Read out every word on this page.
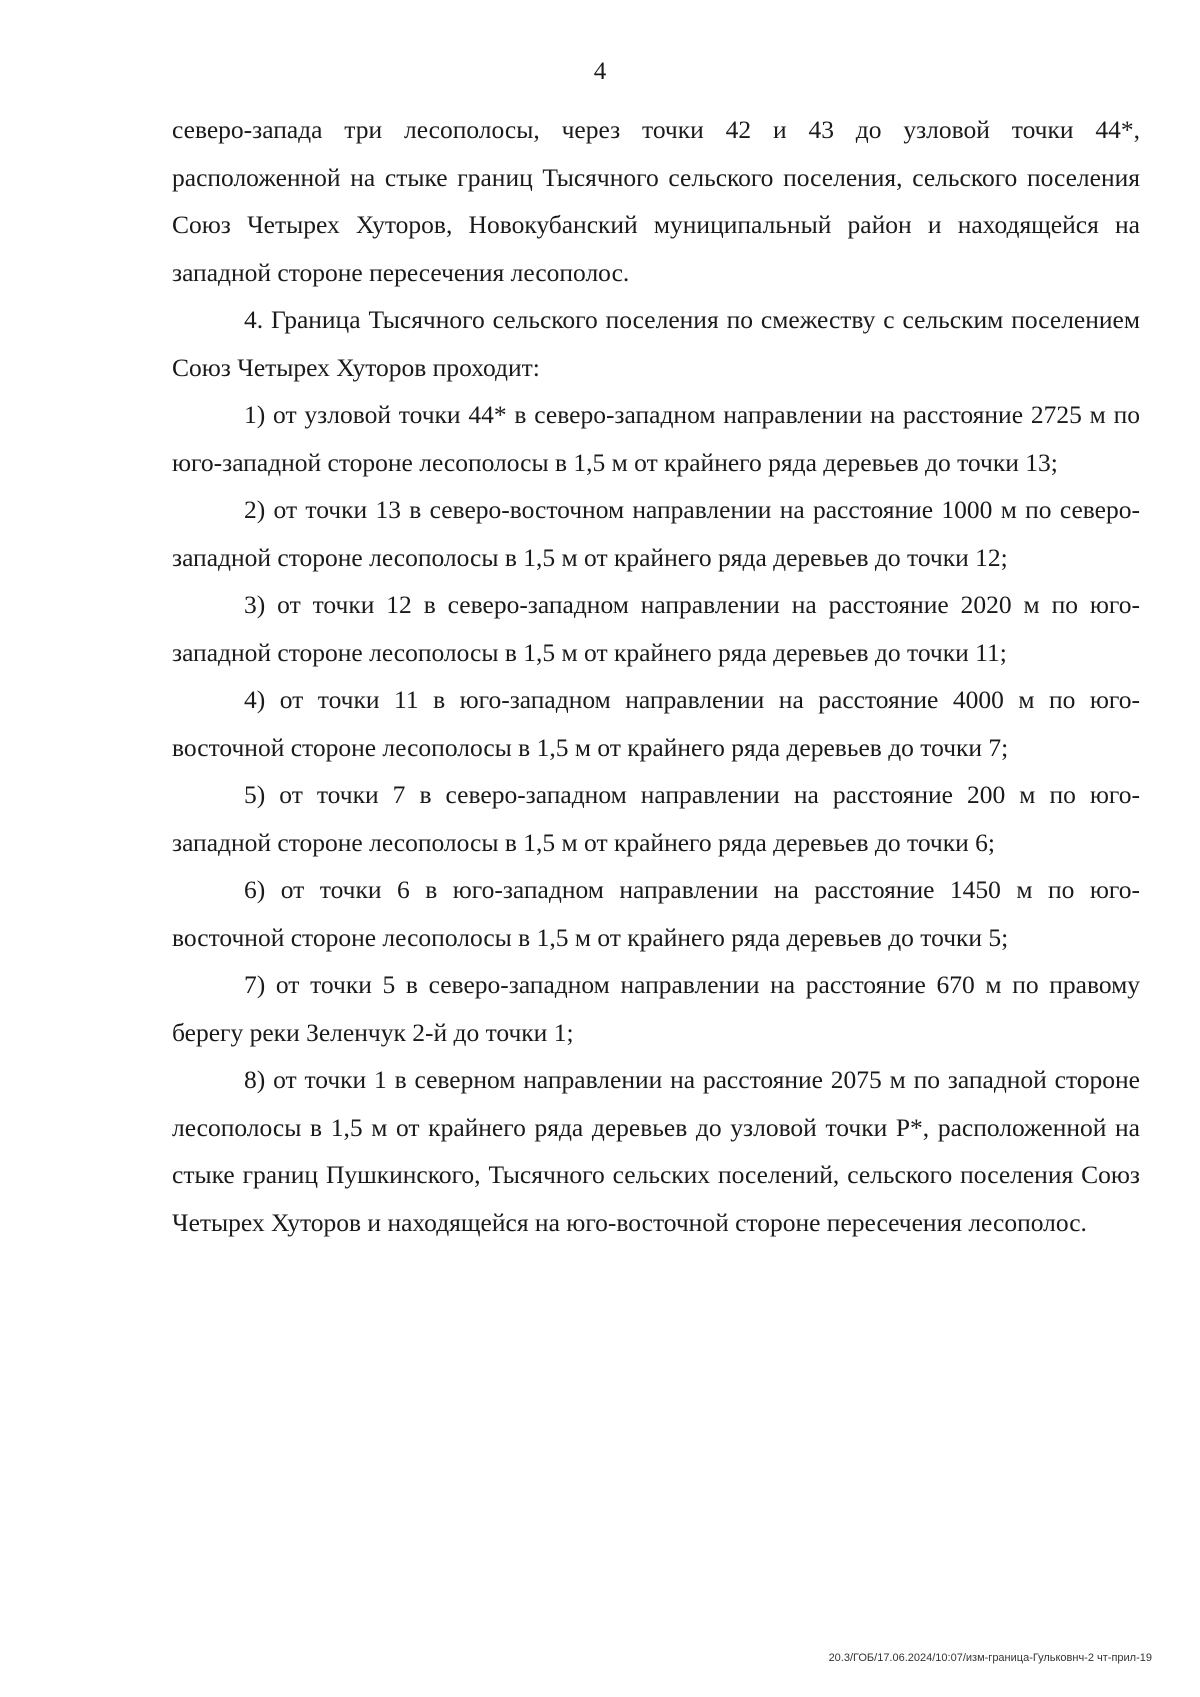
4

северо-запада три лесополосы, через точки 42 и 43 до узловой точки 44*, расположенной на стыке границ Тысячного сельского поселения, сельского поселения Союз Четырех Хуторов, Новокубанский муниципальный район и находящейся на западной стороне пересечения лесополос.

4. Граница Тысячного сельского поселения по смежеству с сельским поселением Союз Четырех Хуторов проходит:

1) от узловой точки 44* в северо-западном направлении на расстояние 2725 м по юго-западной стороне лесополосы в 1,5 м от крайнего ряда деревьев до точки 13;

2) от точки 13 в северо-восточном направлении на расстояние 1000 м по северо-западной стороне лесополосы в 1,5 м от крайнего ряда деревьев до точки 12;

3) от точки 12 в северо-западном направлении на расстояние 2020 м по юго-западной стороне лесополосы в 1,5 м от крайнего ряда деревьев до точки 11;

4) от точки 11 в юго-западном направлении на расстояние 4000 м по юго-восточной стороне лесополосы в 1,5 м от крайнего ряда деревьев до точки 7;

5) от точки 7 в северо-западном направлении на расстояние 200 м по юго-западной стороне лесополосы в 1,5 м от крайнего ряда деревьев до точки 6;

6) от точки 6 в юго-западном направлении на расстояние 1450 м по юго-восточной стороне лесополосы в 1,5 м от крайнего ряда деревьев до точки 5;

7) от точки 5 в северо-западном направлении на расстояние 670 м по правому берегу реки Зеленчук 2-й до точки 1;

8) от точки 1 в северном направлении на расстояние 2075 м по западной стороне лесополосы в 1,5 м от крайнего ряда деревьев до узловой точки Р*, расположенной на стыке границ Пушкинского, Тысячного сельских поселений, сельского поселения Союз Четырех Хуторов и находящейся на юго-восточной стороне пересечения лесополос.

20.3/ГОБ/17.06.2024/10:07/изм-граница-Гульковнч-2 чт-прил-19
